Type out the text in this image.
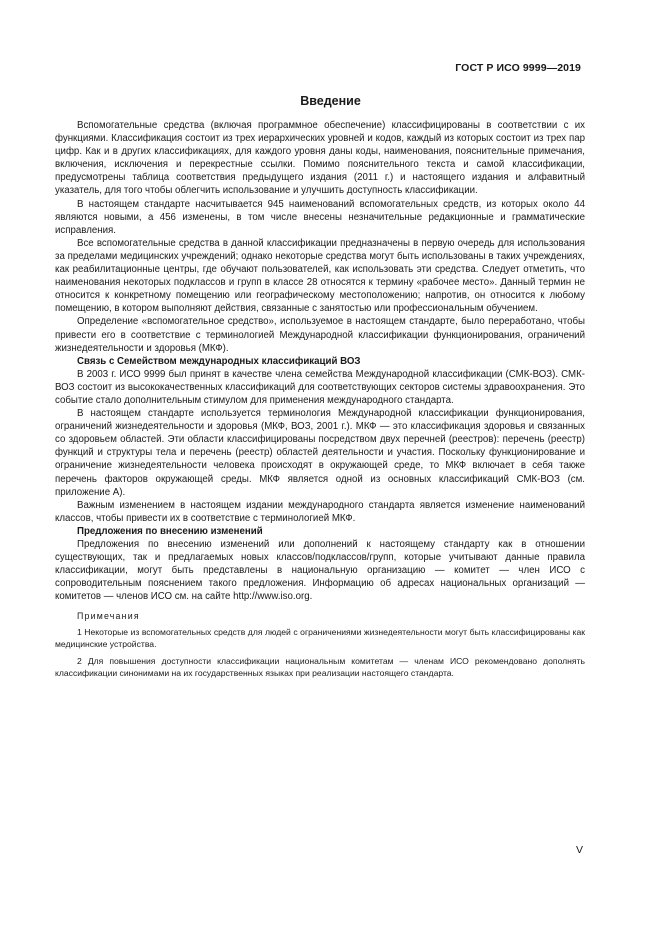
ГОСТ Р ИСО 9999—2019
Введение

Вспомогательные средства (включая программное обеспечение) классифицированы в соответствии с их функциями. Классификация состоит из трех иерархических уровней и кодов, каждый из которых состоит из трех пар цифр. Как и в других классификациях, для каждого уровня даны коды, наименования, пояснительные примечания, включения, исключения и перекрестные ссылки. Помимо пояснительного текста и самой классификации, предусмотрены таблица соответствия предыдущего издания (2011 г.) и настоящего издания и алфавитный указатель, для того чтобы облегчить использование и улучшить доступность классификации.

В настоящем стандарте насчитывается 945 наименований вспомогательных средств, из которых около 44 являются новыми, а 456 изменены, в том числе внесены незначительные редакционные и грамматические исправления.

Все вспомогательные средства в данной классификации предназначены в первую очередь для использования за пределами медицинских учреждений; однако некоторые средства могут быть использованы в таких учреждениях, как реабилитационные центры, где обучают пользователей, как использовать эти средства. Следует отметить, что наименования некоторых подклассов и групп в классе 28 относятся к термину «рабочее место». Данный термин не относится к конкретному помещению или географическому местоположению; напротив, он относится к любому помещению, в котором выполняют действия, связанные с занятостью или профессиональным обучением.

Определение «вспомогательное средство», используемое в настоящем стандарте, было переработано, чтобы привести его в соответствие с терминологией Международной классификации функционирования, ограничений жизнедеятельности и здоровья (МКФ).

Связь с Семейством международных классификаций ВОЗ

В 2003 г. ИСО 9999 был принят в качестве члена семейства Международной классификации (СМК-ВОЗ). СМК-ВОЗ состоит из высококачественных классификаций для соответствующих секторов системы здравоохранения. Это событие стало дополнительным стимулом для применения международного стандарта.

В настоящем стандарте используется терминология Международной классификации функционирования, ограничений жизнедеятельности и здоровья (МКФ, ВОЗ, 2001 г.). МКФ — это классификация здоровья и связанных со здоровьем областей. Эти области классифицированы посредством двух перечней (реестров): перечень (реестр) функций и структуры тела и перечень (реестр) областей деятельности и участия. Поскольку функционирование и ограничение жизнедеятельности человека происходят в окружающей среде, то МКФ включает в себя также перечень факторов окружающей среды. МКФ является одной из основных классификаций СМК-ВОЗ (см. приложение А).

Важным изменением в настоящем издании международного стандарта является изменение наименований классов, чтобы привести их в соответствие с терминологией МКФ.

Предложения по внесению изменений

Предложения по внесению изменений или дополнений к настоящему стандарту как в отношении существующих, так и предлагаемых новых классов/подклассов/групп, которые учитывают данные правила классификации, могут быть представлены в национальную организацию — комитет — член ИСО с сопроводительным пояснением такого предложения. Информацию об адресах национальных организаций — комитетов — членов ИСО см. на сайте http://www.iso.org.

Примечания

1 Некоторые из вспомогательных средств для людей с ограничениями жизнедеятельности могут быть классифицированы как медицинские устройства.

2 Для повышения доступности классификации национальным комитетам — членам ИСО рекомендовано дополнять классификации синонимами на их государственных языках при реализации настоящего стандарта.

V
